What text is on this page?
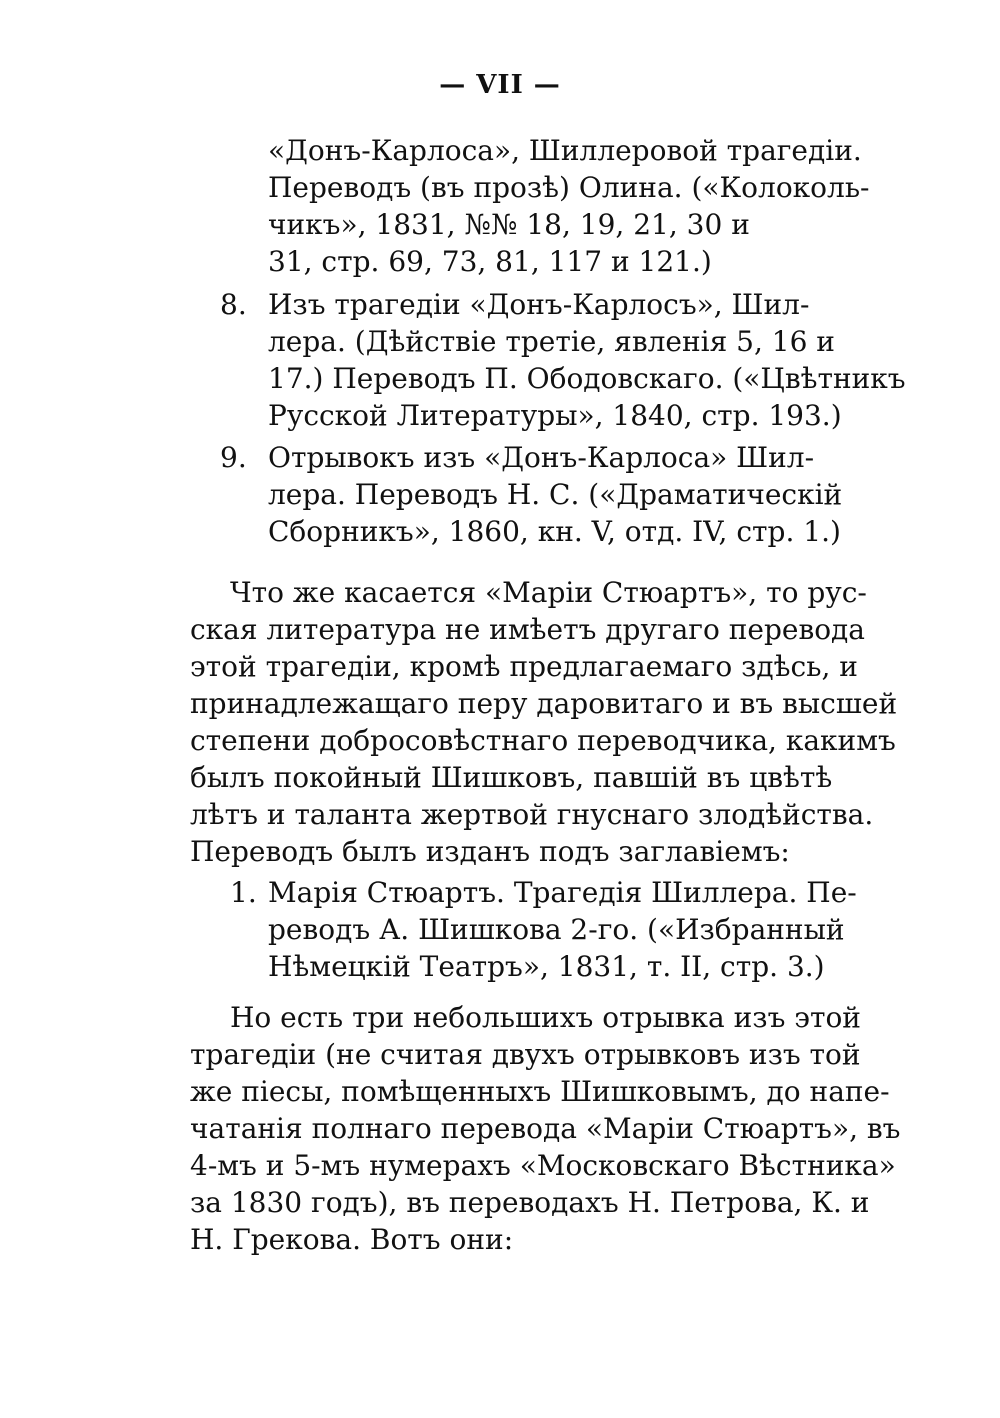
— VII —
«Донъ-Карлоса», Шиллеровой трагедіи.
Переводъ (въ прозѣ) Олина. («Колоколь-
чикъ», 1831, №№ 18, 19, 21, 30 и
31, стр. 69, 73, 81, 117 и 121.)
8. Изъ трагедіи «Донъ-Карлосъ», Шил-
лера. (Дѣйствіе третіе, явленія 5, 16 и
17.) Переводъ П. Ободовскаго. («Цвѣтникъ
Русской Литературы», 1840, стр. 193.)
9. Отрывокъ изъ «Донъ-Карлоса» Шил-
лера. Переводъ Н. С. («Драматическій
Сборникъ», 1860, кн. V, отд. IV, стр. 1.)
Что же касается «Маріи Стюартъ», то рус-
ская литература не имѣетъ другаго перевода
этой трагедіи, кромѣ предлагаемаго здѣсь, и
принадлежащаго перу даровитаго и въ высшей
степени добросовѣстнаго переводчика, какимъ
былъ покойный Шишковъ, павшій въ цвѣтѣ
лѣтъ и таланта жертвой гнуснаго злодѣйства.
Переводъ былъ изданъ подъ заглавіемъ:
1. Марія Стюартъ. Трагедія Шиллера. Пе-
реводъ А. Шишкова 2-го. («Избранный
Нѣмецкій Театръ», 1831, т. II, стр. 3.)
Но есть три небольшихъ отрывка изъ этой
трагедіи (не считая двухъ отрывковъ изъ той
же піесы, помѣщенныхъ Шишковымъ, до напе-
чатанія полнаго перевода «Маріи Стюартъ», въ
4-мъ и 5-мъ нумерахъ «Московскаго Вѣстника»
за 1830 годъ), въ переводахъ Н. Петрова, К. и
Н. Грекова. Вотъ они:
